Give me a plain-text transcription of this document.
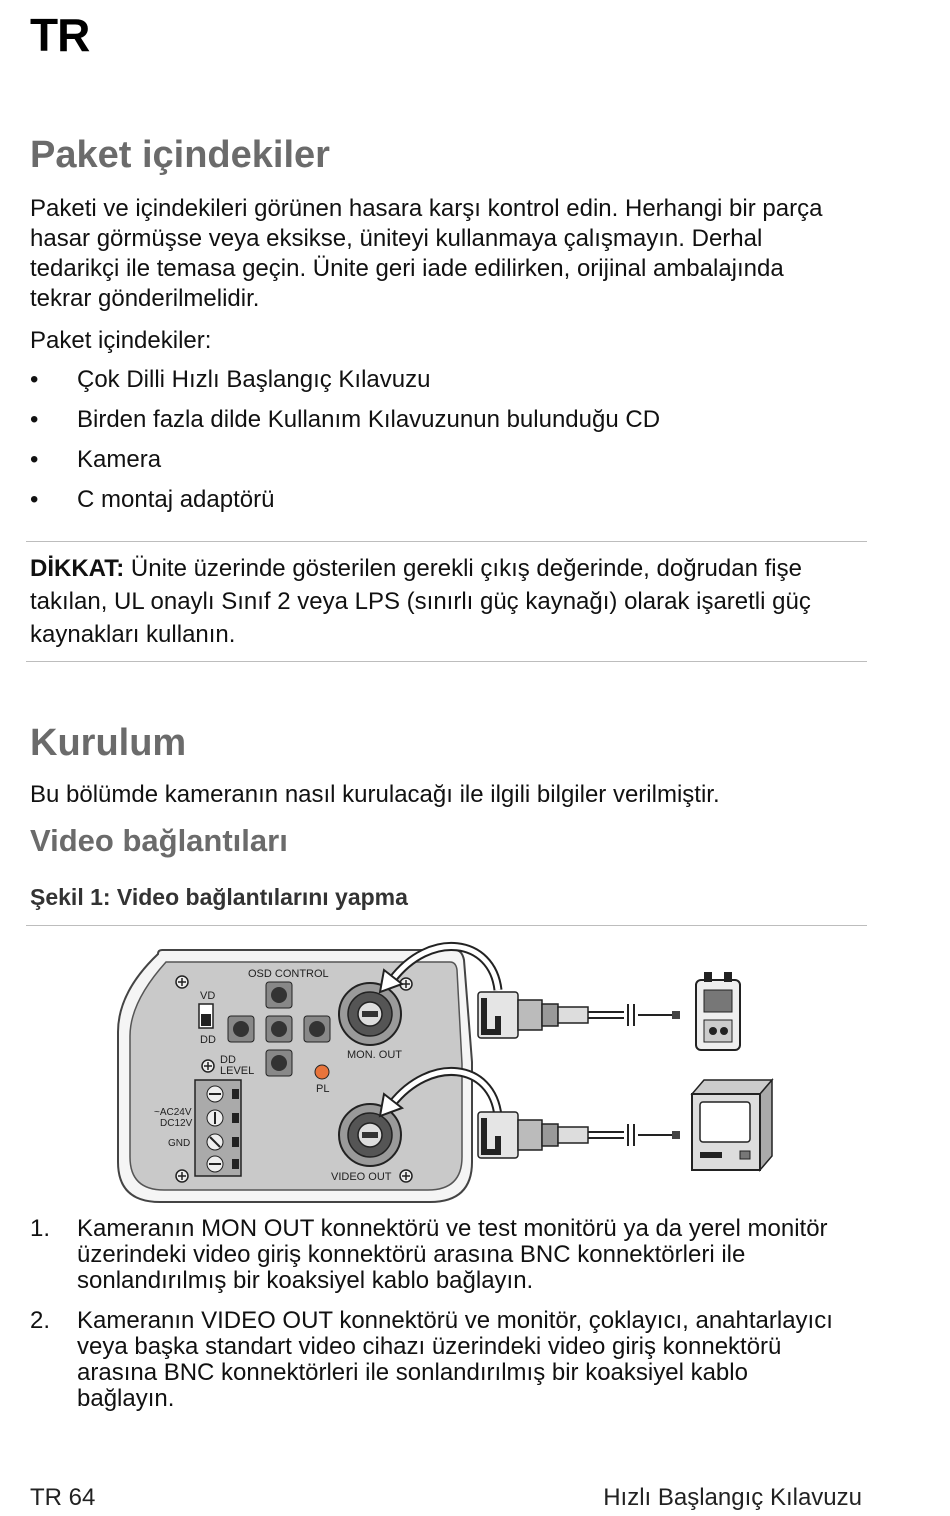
TR
Paket içindekiler

Paketi ve içindekileri görünen hasara karşı kontrol edin. Herhangi bir parça hasar görmüşse veya eksikse, üniteyi kullanmaya çalışmayın. Derhal tedarikçi ile temasa geçin. Ünite geri iade edilirken, orijinal ambalajında tekrar gönderilmelidir.

Paket içindekiler:

• Çok Dilli Hızlı Başlangıç Kılavuzu
• Birden fazla dilde Kullanım Kılavuzunun bulunduğu CD
• Kamera
• C montaj adaptörü

DİKKAT: Ünite üzerinde gösterilen gerekli çıkış değerinde, doğrudan fişe takılan, UL onaylı Sınıf 2 veya LPS (sınırlı güç kaynağı) olarak işaretli güç kaynakları kullanın.

Kurulum

Bu bölümde kameranın nasıl kurulacağı ile ilgili bilgiler verilmiştir.

Video bağlantıları
Şekil 1: Video bağlantılarını yapma
OSD CONTROL
VD
DD
DD
LEVEL
PL
MON. OUT
VIDEO OUT
~AC24V
DC12V
GND
1. Kameranın MON OUT konnektörü ve test monitörü ya da yerel monitör üzerindeki video giriş konnektörü arasına BNC konnektörleri ile sonlandırılmış bir koaksiyel kablo bağlayın.
2. Kameranın VIDEO OUT konnektörü ve monitör, çoklayıcı, anahtarlayıcı veya başka standart video cihazı üzerindeki video giriş konnektörü arasına BNC konnektörleri ile sonlandırılmış bir koaksiyel kablo bağlayın.
TR 64	Hızlı Başlangıç Kılavuzu
